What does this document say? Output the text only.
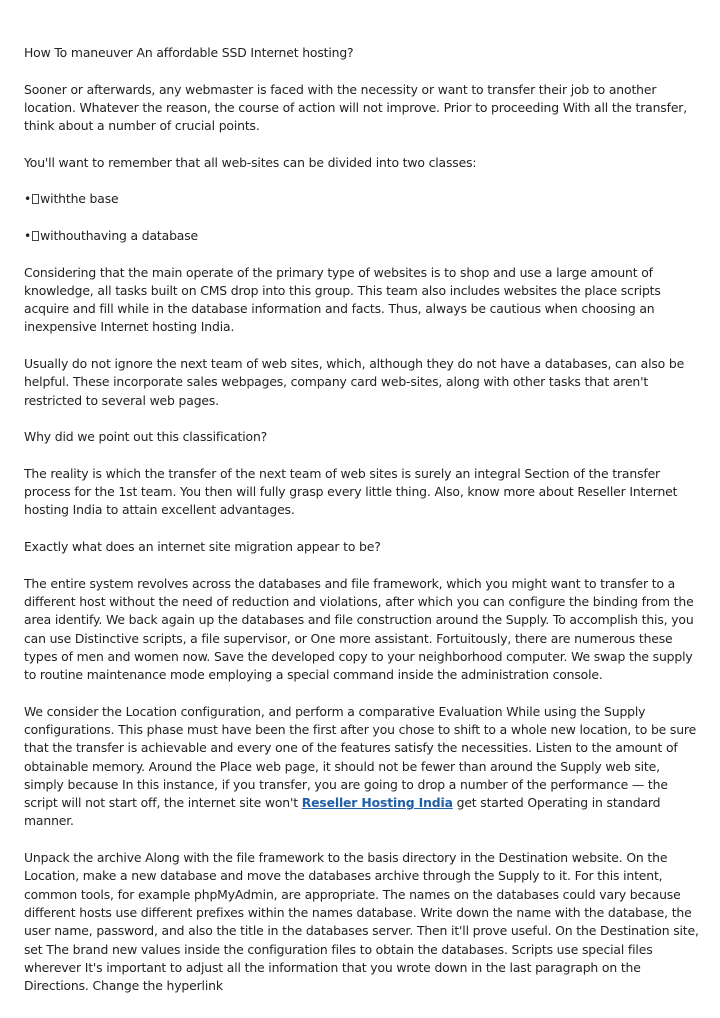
How To maneuver An affordable SSD Internet hosting?

Sooner or afterwards, any webmaster is faced with the necessity or want to transfer their job to another location. Whatever the reason, the course of action will not improve. Prior to proceeding With all the transfer, think about a number of crucial points.

You'll want to remember that all web-sites can be divided into two classes:

• withthe base

• withouthaving a database

Considering that the main operate of the primary type of websites is to shop and use a large amount of knowledge, all tasks built on CMS drop into this group. This team also includes websites the place scripts acquire and fill while in the database information and facts. Thus, always be cautious when choosing an inexpensive Internet hosting India.

Usually do not ignore the next team of web sites, which, although they do not have a databases, can also be helpful. These incorporate sales webpages, company card web-sites, along with other tasks that aren't restricted to several web pages.

Why did we point out this classification?

The reality is which the transfer of the next team of web sites is surely an integral Section of the transfer process for the 1st team. You then will fully grasp every little thing. Also, know more about Reseller Internet hosting India to attain excellent advantages.

Exactly what does an internet site migration appear to be?

The entire system revolves across the databases and file framework, which you might want to transfer to a different host without the need of reduction and violations, after which you can configure the binding from the area identify. We back again up the databases and file construction around the Supply. To accomplish this, you can use Distinctive scripts, a file supervisor, or One more assistant. Fortuitously, there are numerous these types of men and women now. Save the developed copy to your neighborhood computer. We swap the supply to routine maintenance mode employing a special command inside the administration console.

We consider the Location configuration, and perform a comparative Evaluation While using the Supply configurations. This phase must have been the first after you chose to shift to a whole new location, to be sure that the transfer is achievable and every one of the features satisfy the necessities. Listen to the amount of obtainable memory. Around the Place web page, it should not be fewer than around the Supply web site, simply because In this instance, if you transfer, you are going to drop a number of the performance — the script will not start off, the internet site won't Reseller Hosting India get started Operating in standard manner.

Unpack the archive Along with the file framework to the basis directory in the Destination website. On the Location, make a new database and move the databases archive through the Supply to it. For this intent, common tools, for example phpMyAdmin, are appropriate. The names on the databases could vary because different hosts use different prefixes within the names database. Write down the name with the database, the user name, password, and also the title in the databases server. Then it'll prove useful. On the Destination site, set The brand new values inside the configuration files to obtain the databases. Scripts use special files wherever It's important to adjust all the information that you wrote down in the last paragraph on the Directions. Change the hyperlink
